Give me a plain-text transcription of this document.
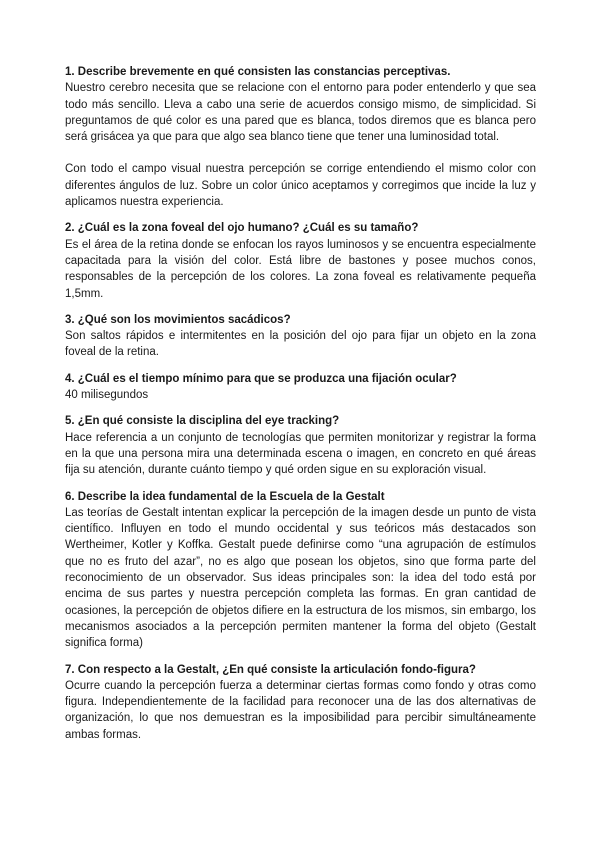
1. Describe brevemente en qué consisten las constancias perceptivas.

Nuestro cerebro necesita que se relacione con el entorno para poder entenderlo y que sea todo más sencillo. Lleva a cabo una serie de acuerdos consigo mismo, de simplicidad. Si preguntamos de qué color es una pared que es blanca, todos diremos que es blanca pero será grisácea ya que para que algo sea blanco tiene que tener una luminosidad total.

Con todo el campo visual nuestra percepción se corrige entendiendo el mismo color con diferentes ángulos de luz. Sobre un color único aceptamos y corregimos que incide la luz y aplicamos nuestra experiencia.

2. ¿Cuál es la zona foveal del ojo humano? ¿Cuál es su tamaño?

Es el área de la retina donde se enfocan los rayos luminosos y se encuentra especialmente capacitada para la visión del color. Está libre de bastones y posee muchos conos, responsables de la percepción de los colores. La zona foveal es relativamente pequeña 1,5mm.

3. ¿Qué son los movimientos sacádicos?

Son saltos rápidos e intermitentes en la posición del ojo para fijar un objeto en la zona foveal de la retina.

4. ¿Cuál es el tiempo mínimo para que se produzca una fijación ocular?

40 milisegundos

5. ¿En qué consiste la disciplina del eye tracking?

Hace referencia a un conjunto de tecnologías que permiten monitorizar y registrar la forma en la que una persona mira una determinada escena o imagen, en concreto en qué áreas fija su atención, durante cuánto tiempo y qué orden sigue en su exploración visual.

6. Describe la idea fundamental de la Escuela de la Gestalt

Las teorías de Gestalt intentan explicar la percepción de la imagen desde un punto de vista científico. Influyen en todo el mundo occidental y sus teóricos más destacados son Wertheimer, Kotler y Koffka. Gestalt puede definirse como “una agrupación de estímulos que no es fruto del azar”, no es algo que posean los objetos, sino que forma parte del reconocimiento de un observador. Sus ideas principales son: la idea del todo está por encima de sus partes y nuestra percepción completa las formas. En gran cantidad de ocasiones, la percepción de objetos difiere en la estructura de los mismos, sin embargo, los mecanismos asociados a la percepción permiten mantener la forma del objeto (Gestalt significa forma)

7. Con respecto a la Gestalt, ¿En qué consiste la articulación fondo-figura?

Ocurre cuando la percepción fuerza a determinar ciertas formas como fondo y otras como figura. Independientemente de la facilidad para reconocer una de las dos alternativas de organización, lo que nos demuestran es la imposibilidad para percibir simultáneamente ambas formas.
